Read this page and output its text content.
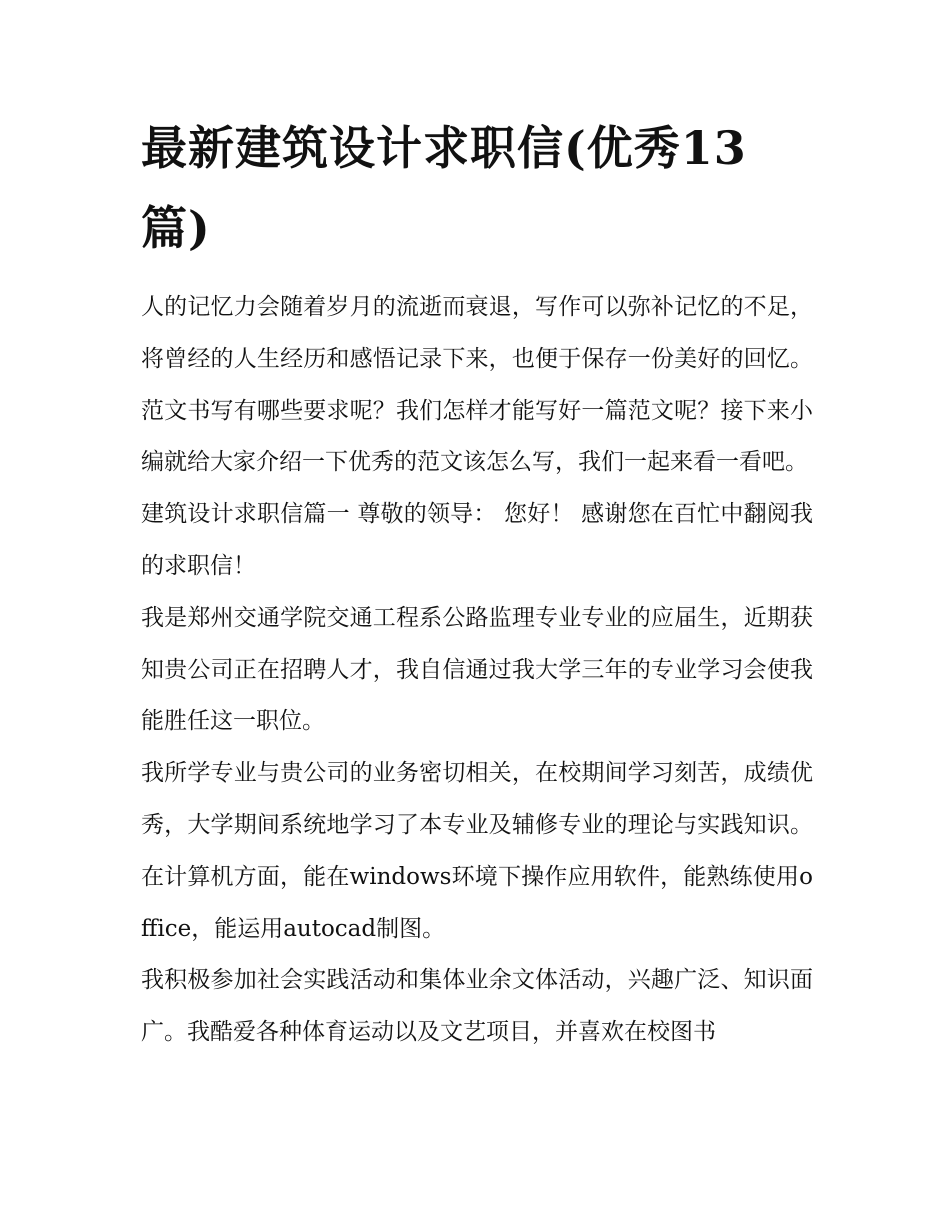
最新建筑设计求职信(优秀13篇)

人的记忆力会随着岁月的流逝而衰退，写作可以弥补记忆的不足，将曾经的人生经历和感悟记录下来，也便于保存一份美好的回忆。范文书写有哪些要求呢？我们怎样才能写好一篇范文呢？接下来小编就给大家介绍一下优秀的范文该怎么写，我们一起来看一看吧。

建筑设计求职信篇一 尊敬的领导： 您好！ 感谢您在百忙中翻阅我的求职信！

我是郑州交通学院交通工程系公路监理专业专业的应届生，近期获知贵公司正在招聘人才，我自信通过我大学三年的专业学习会使我能胜任这一职位。

我所学专业与贵公司的业务密切相关，在校期间学习刻苦，成绩优秀，大学期间系统地学习了本专业及辅修专业的理论与实践知识。在计算机方面，能在windows环境下操作应用软件，能熟练使用office，能运用autocad制图。

我积极参加社会实践活动和集体业余文体活动，兴趣广泛、知识面广。我酷爱各种体育运动以及文艺项目，并喜欢在校图书
